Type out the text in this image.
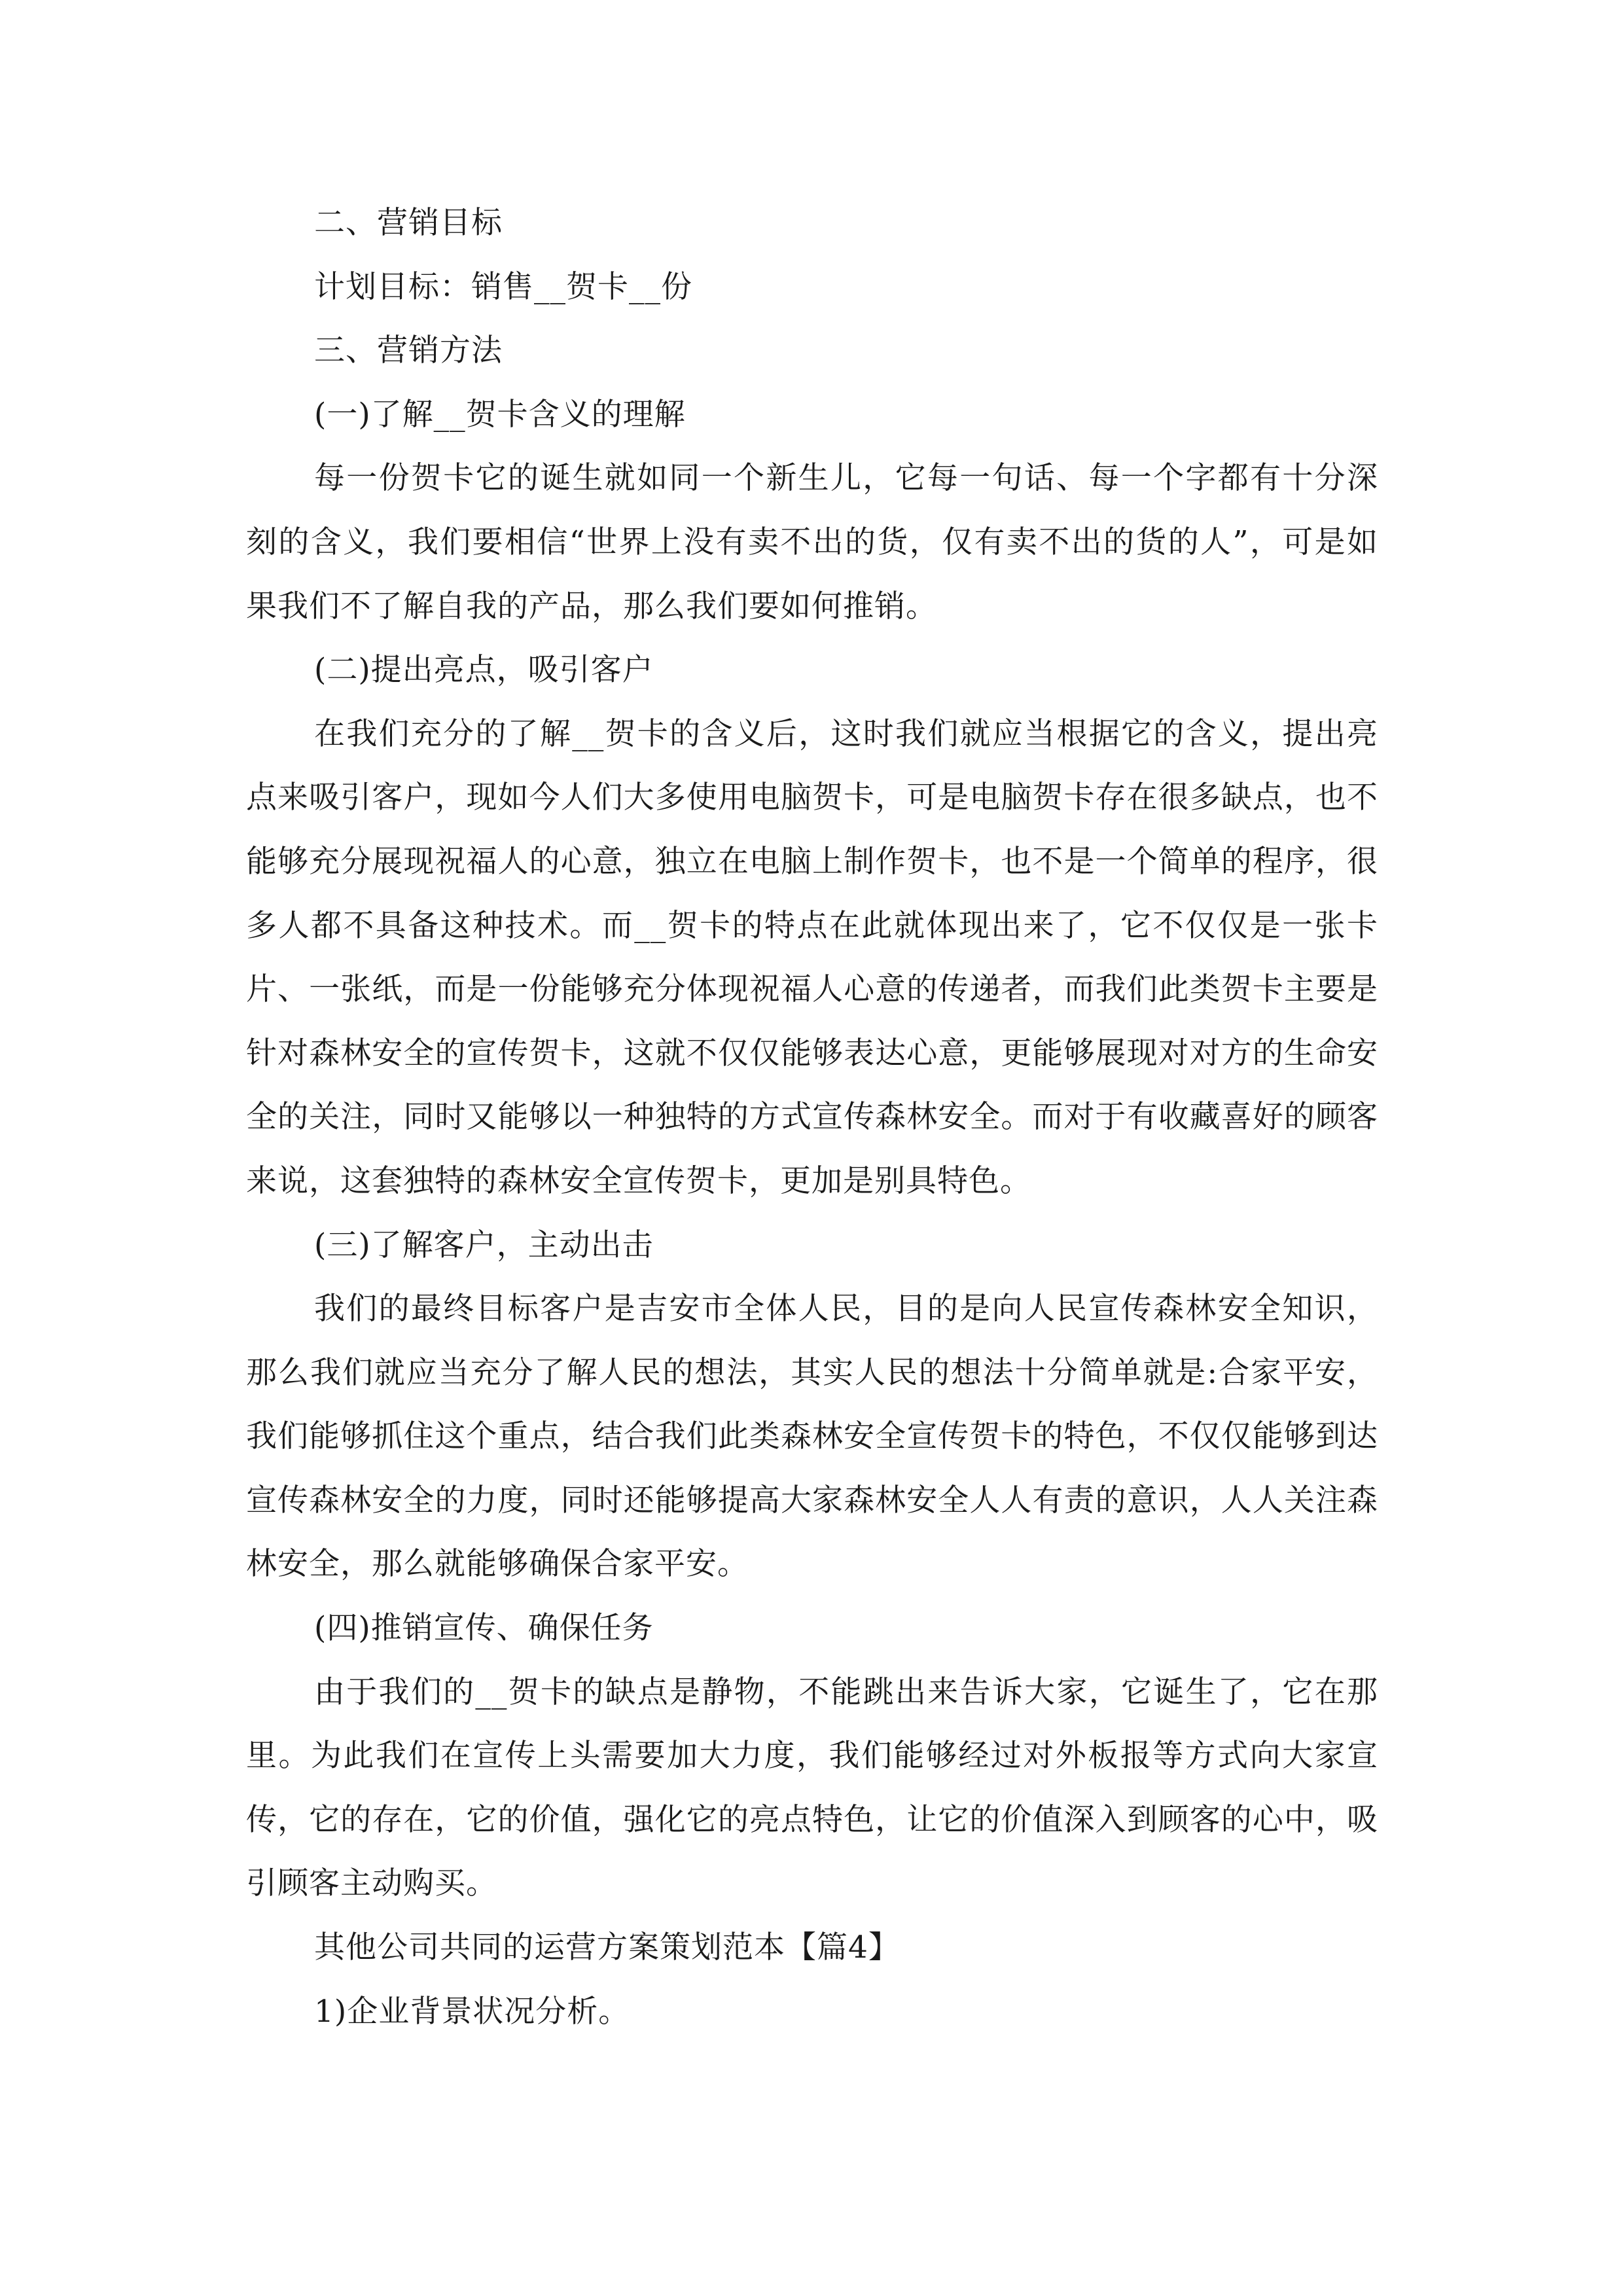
二、营销目标

计划目标：销售__贺卡__份

三、营销方法

(一)了解__贺卡含义的理解

每一份贺卡它的诞生就如同一个新生儿，它每一句话、每一个字都有十分深刻的含义，我们要相信“世界上没有卖不出的货，仅有卖不出的货的人”，可是如果我们不了解自我的产品，那么我们要如何推销。

(二)提出亮点，吸引客户

在我们充分的了解__贺卡的含义后，这时我们就应当根据它的含义，提出亮点来吸引客户，现如今人们大多使用电脑贺卡，可是电脑贺卡存在很多缺点，也不能够充分展现祝福人的心意，独立在电脑上制作贺卡，也不是一个简单的程序，很多人都不具备这种技术。而__贺卡的特点在此就体现出来了，它不仅仅是一张卡片、一张纸，而是一份能够充分体现祝福人心意的传递者，而我们此类贺卡主要是针对森林安全的宣传贺卡，这就不仅仅能够表达心意，更能够展现对对方的生命安全的关注，同时又能够以一种独特的方式宣传森林安全。而对于有收藏喜好的顾客来说，这套独特的森林安全宣传贺卡，更加是别具特色。

(三)了解客户，主动出击

我们的最终目标客户是吉安市全体人民，目的是向人民宣传森林安全知识，那么我们就应当充分了解人民的想法，其实人民的想法十分简单就是:合家平安，我们能够抓住这个重点，结合我们此类森林安全宣传贺卡的特色，不仅仅能够到达宣传森林安全的力度，同时还能够提高大家森林安全人人有责的意识，人人关注森林安全，那么就能够确保合家平安。

(四)推销宣传、确保任务

由于我们的__贺卡的缺点是静物，不能跳出来告诉大家，它诞生了，它在那里。为此我们在宣传上头需要加大力度，我们能够经过对外板报等方式向大家宣传，它的存在，它的价值，强化它的亮点特色，让它的价值深入到顾客的心中，吸引顾客主动购买。

其他公司共同的运营方案策划范本【篇4】

1)企业背景状况分析。
